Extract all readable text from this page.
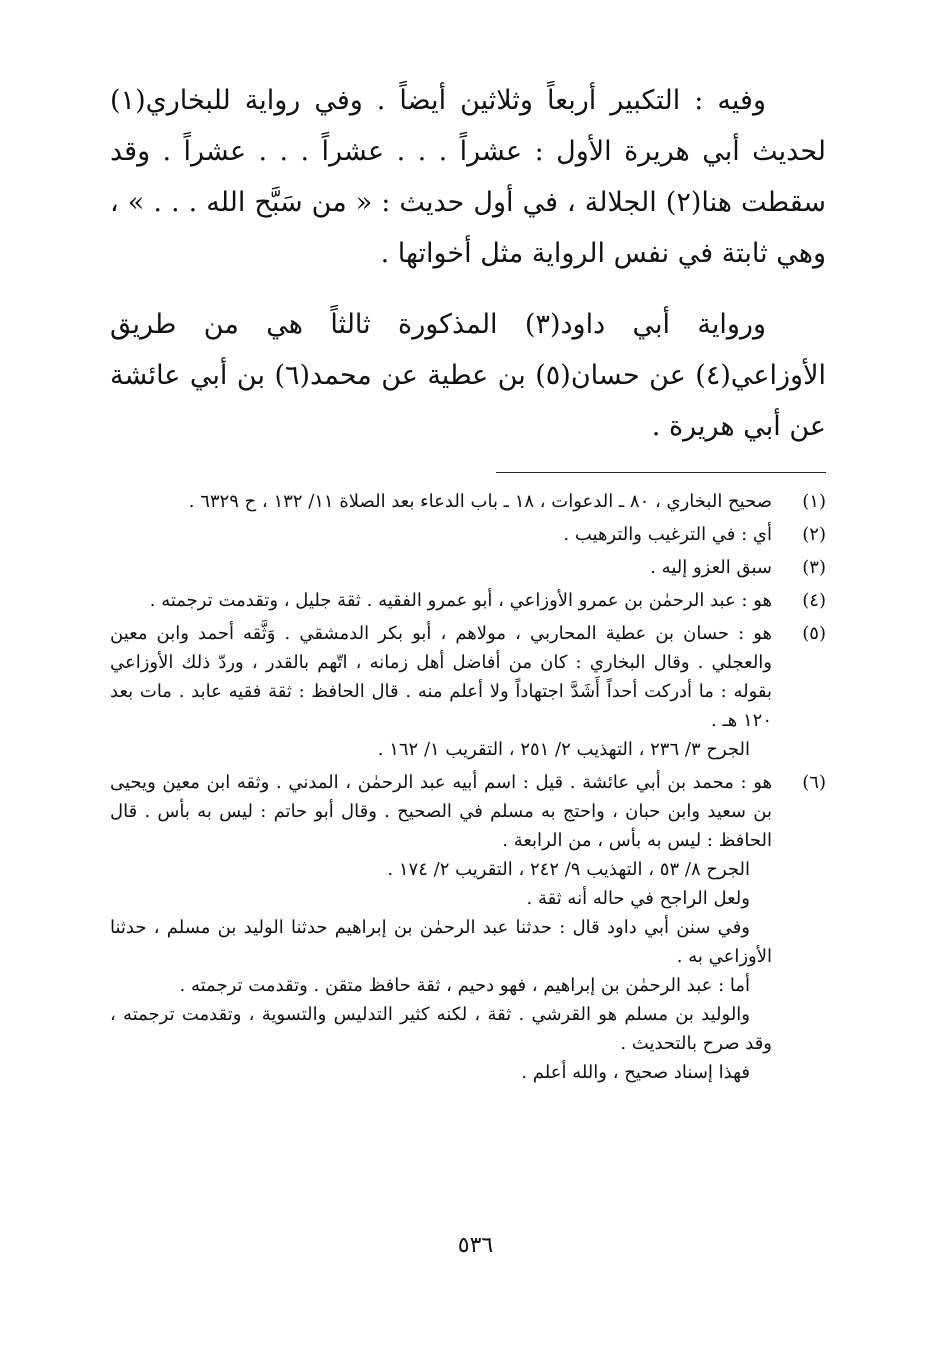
وفيه : التكبير أربعاً وثلاثين أيضاً . وفي رواية للبخاري(١) لحديث أبي هريرة الأول : عشراً . . . عشراً . . . عشراً . وقد سقطت هنا(٢) الجلالة ، في أول حديث : « من سَبَّح الله . . . » ، وهي ثابتة في نفس الرواية مثل أخواتها .

ورواية أبي داود(٣) المذكورة ثالثاً هي من طريق الأوزاعي(٤) عن حسان(٥) بن عطية عن محمد(٦) بن أبي عائشة عن أبي هريرة .

(١)
صحيح البخاري ، ٨٠ ـ الدعوات ، ١٨ ـ باب الدعاء بعد الصلاة ١١/ ١٣٢ ، ح ٦٣٢٩ .
(٢)
أي : في الترغيب والترهيب .
(٣)
سبق العزو إليه .
(٤)
هو : عبد الرحمٰن بن عمرو الأوزاعي ، أبو عمرو الفقيه . ثقة جليل ، وتقدمت ترجمته .
(٥)
هو : حسان بن عطية المحاربي ، مولاهم ، أبو بكر الدمشقي . وَثَّقه أحمد وابن معين والعجلي . وقال البخاري : كان من أفاضل أهل زمانه ، اتّهم بالقدر ، وردّ ذلك الأوزاعي بقوله : ما أدركت أحداً أَشَدَّ اجتهاداً ولا أعلم منه . قال الحافظ : ثقة فقيه عابد . مات بعد ١٢٠ هـ .
الجرح ٣/ ٢٣٦ ، التهذيب ٢/ ٢٥١ ، التقريب ١/ ١٦٢ .
(٦)
هو : محمد بن أبي عائشة . قيل : اسم أبيه عبد الرحمٰن ، المدني . وثقه ابن معين ويحيى بن سعيد وابن حبان ، واحتج به مسلم في الصحيح . وقال أبو حاتم : ليس به بأس . قال الحافظ : ليس به بأس ، من الرابعة .
الجرح ٨/ ٥٣ ، التهذيب ٩/ ٢٤٢ ، التقريب ٢/ ١٧٤ .
ولعل الراجح في حاله أنه ثقة .
وفي سنن أبي داود قال : حدثنا عبد الرحمٰن بن إبراهيم حدثنا الوليد بن مسلم ، حدثنا الأوزاعي به .
أما : عبد الرحمٰن بن إبراهيم ، فهو دحيم ، ثقة حافظ متقن . وتقدمت ترجمته .
والوليد بن مسلم هو القرشي . ثقة ، لكنه كثير التدليس والتسوية ، وتقدمت ترجمته ، وقد صرح بالتحديث .
فهذا إسناد صحيح ، والله أعلم .
٥٣٦
